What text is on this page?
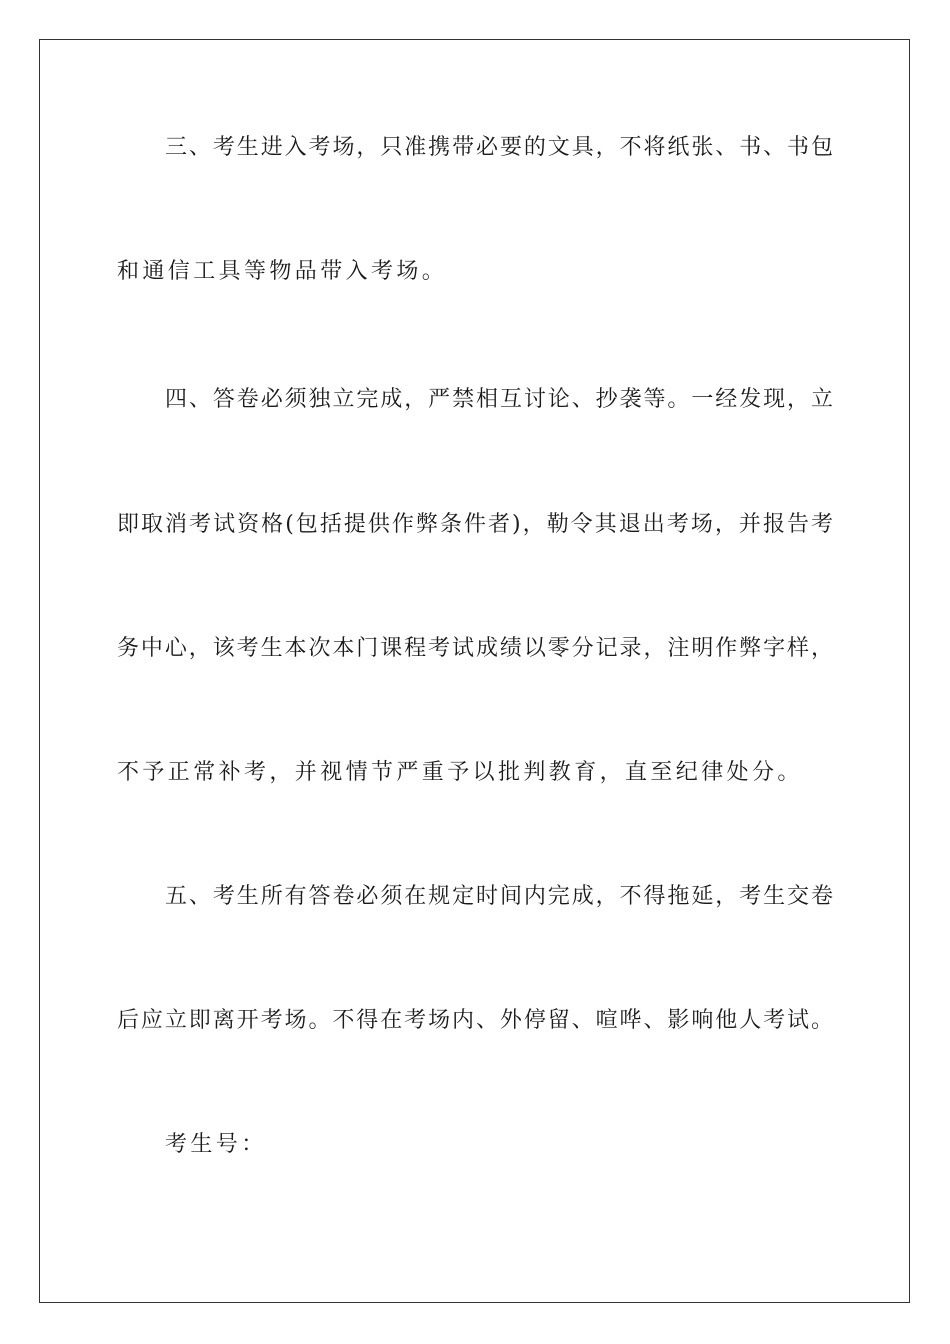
三、考生进入考场，只准携带必要的文具，不将纸张、书、书包
和通信工具等物品带入考场。
四、答卷必须独立完成，严禁相互讨论、抄袭等。一经发现，立
即取消考试资格(包括提供作弊条件者)，勒令其退出考场，并报告考
务中心，该考生本次本门课程考试成绩以零分记录，注明作弊字样，
不予正常补考，并视情节严重予以批判教育，直至纪律处分。
五、考生所有答卷必须在规定时间内完成，不得拖延，考生交卷
后应立即离开考场。不得在考场内、外停留、喧哗、影响他人考试。
考生号：
